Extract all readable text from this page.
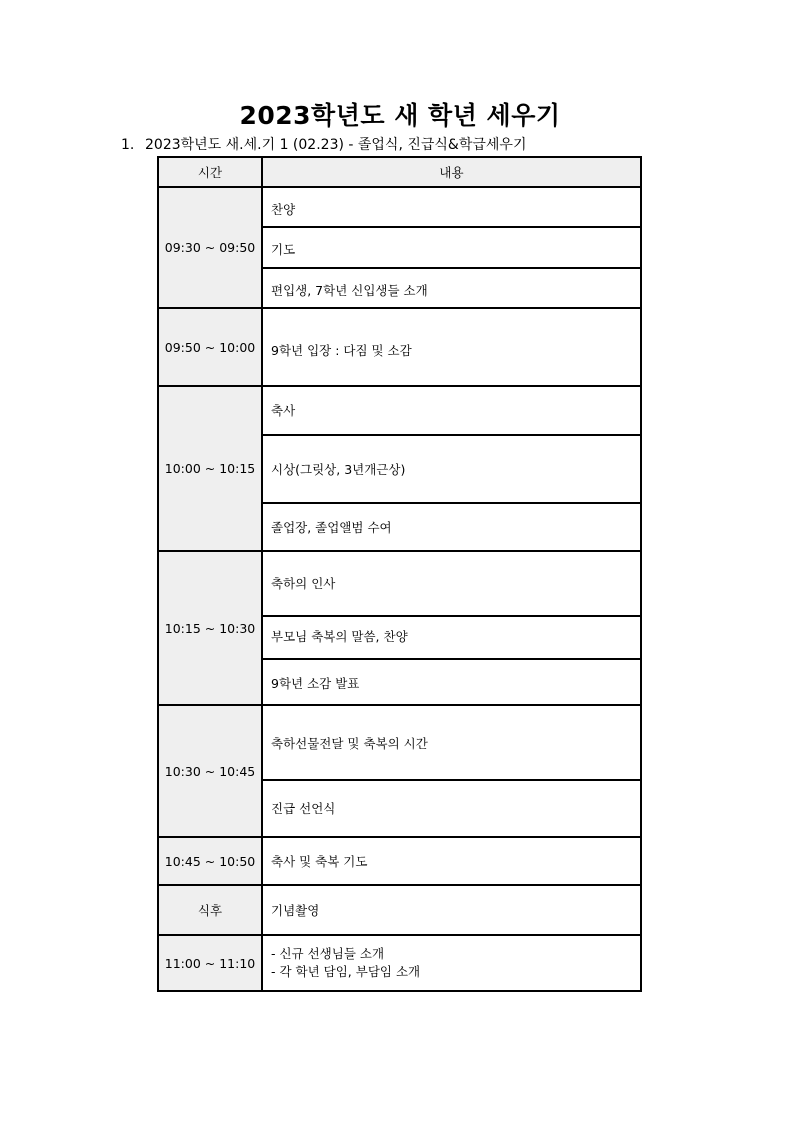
2023학년도 새 학년 세우기
1. 2023학년도 새.세.기 1 (02.23) - 졸업식, 진급식&학급세우기
시간	내용
09:30 ~ 09:50	찬양
	기도
	편입생, 7학년 신입생들 소개
09:50 ~ 10:00	9학년 입장 : 다짐 및 소감
10:00 ~ 10:15	축사
	시상(그릿상, 3년개근상)
	졸업장, 졸업앨범 수여
10:15 ~ 10:30	축하의 인사
	부모님 축복의 말씀, 찬양
	9학년 소감 발표
10:30 ~ 10:45	축하선물전달 및 축복의 시간
	진급 선언식
10:45 ~ 10:50	축사 및 축복 기도
식후	기념촬영
11:00 ~ 11:10	- 신규 선생님들 소개
- 각 학년 담임, 부담임 소개
